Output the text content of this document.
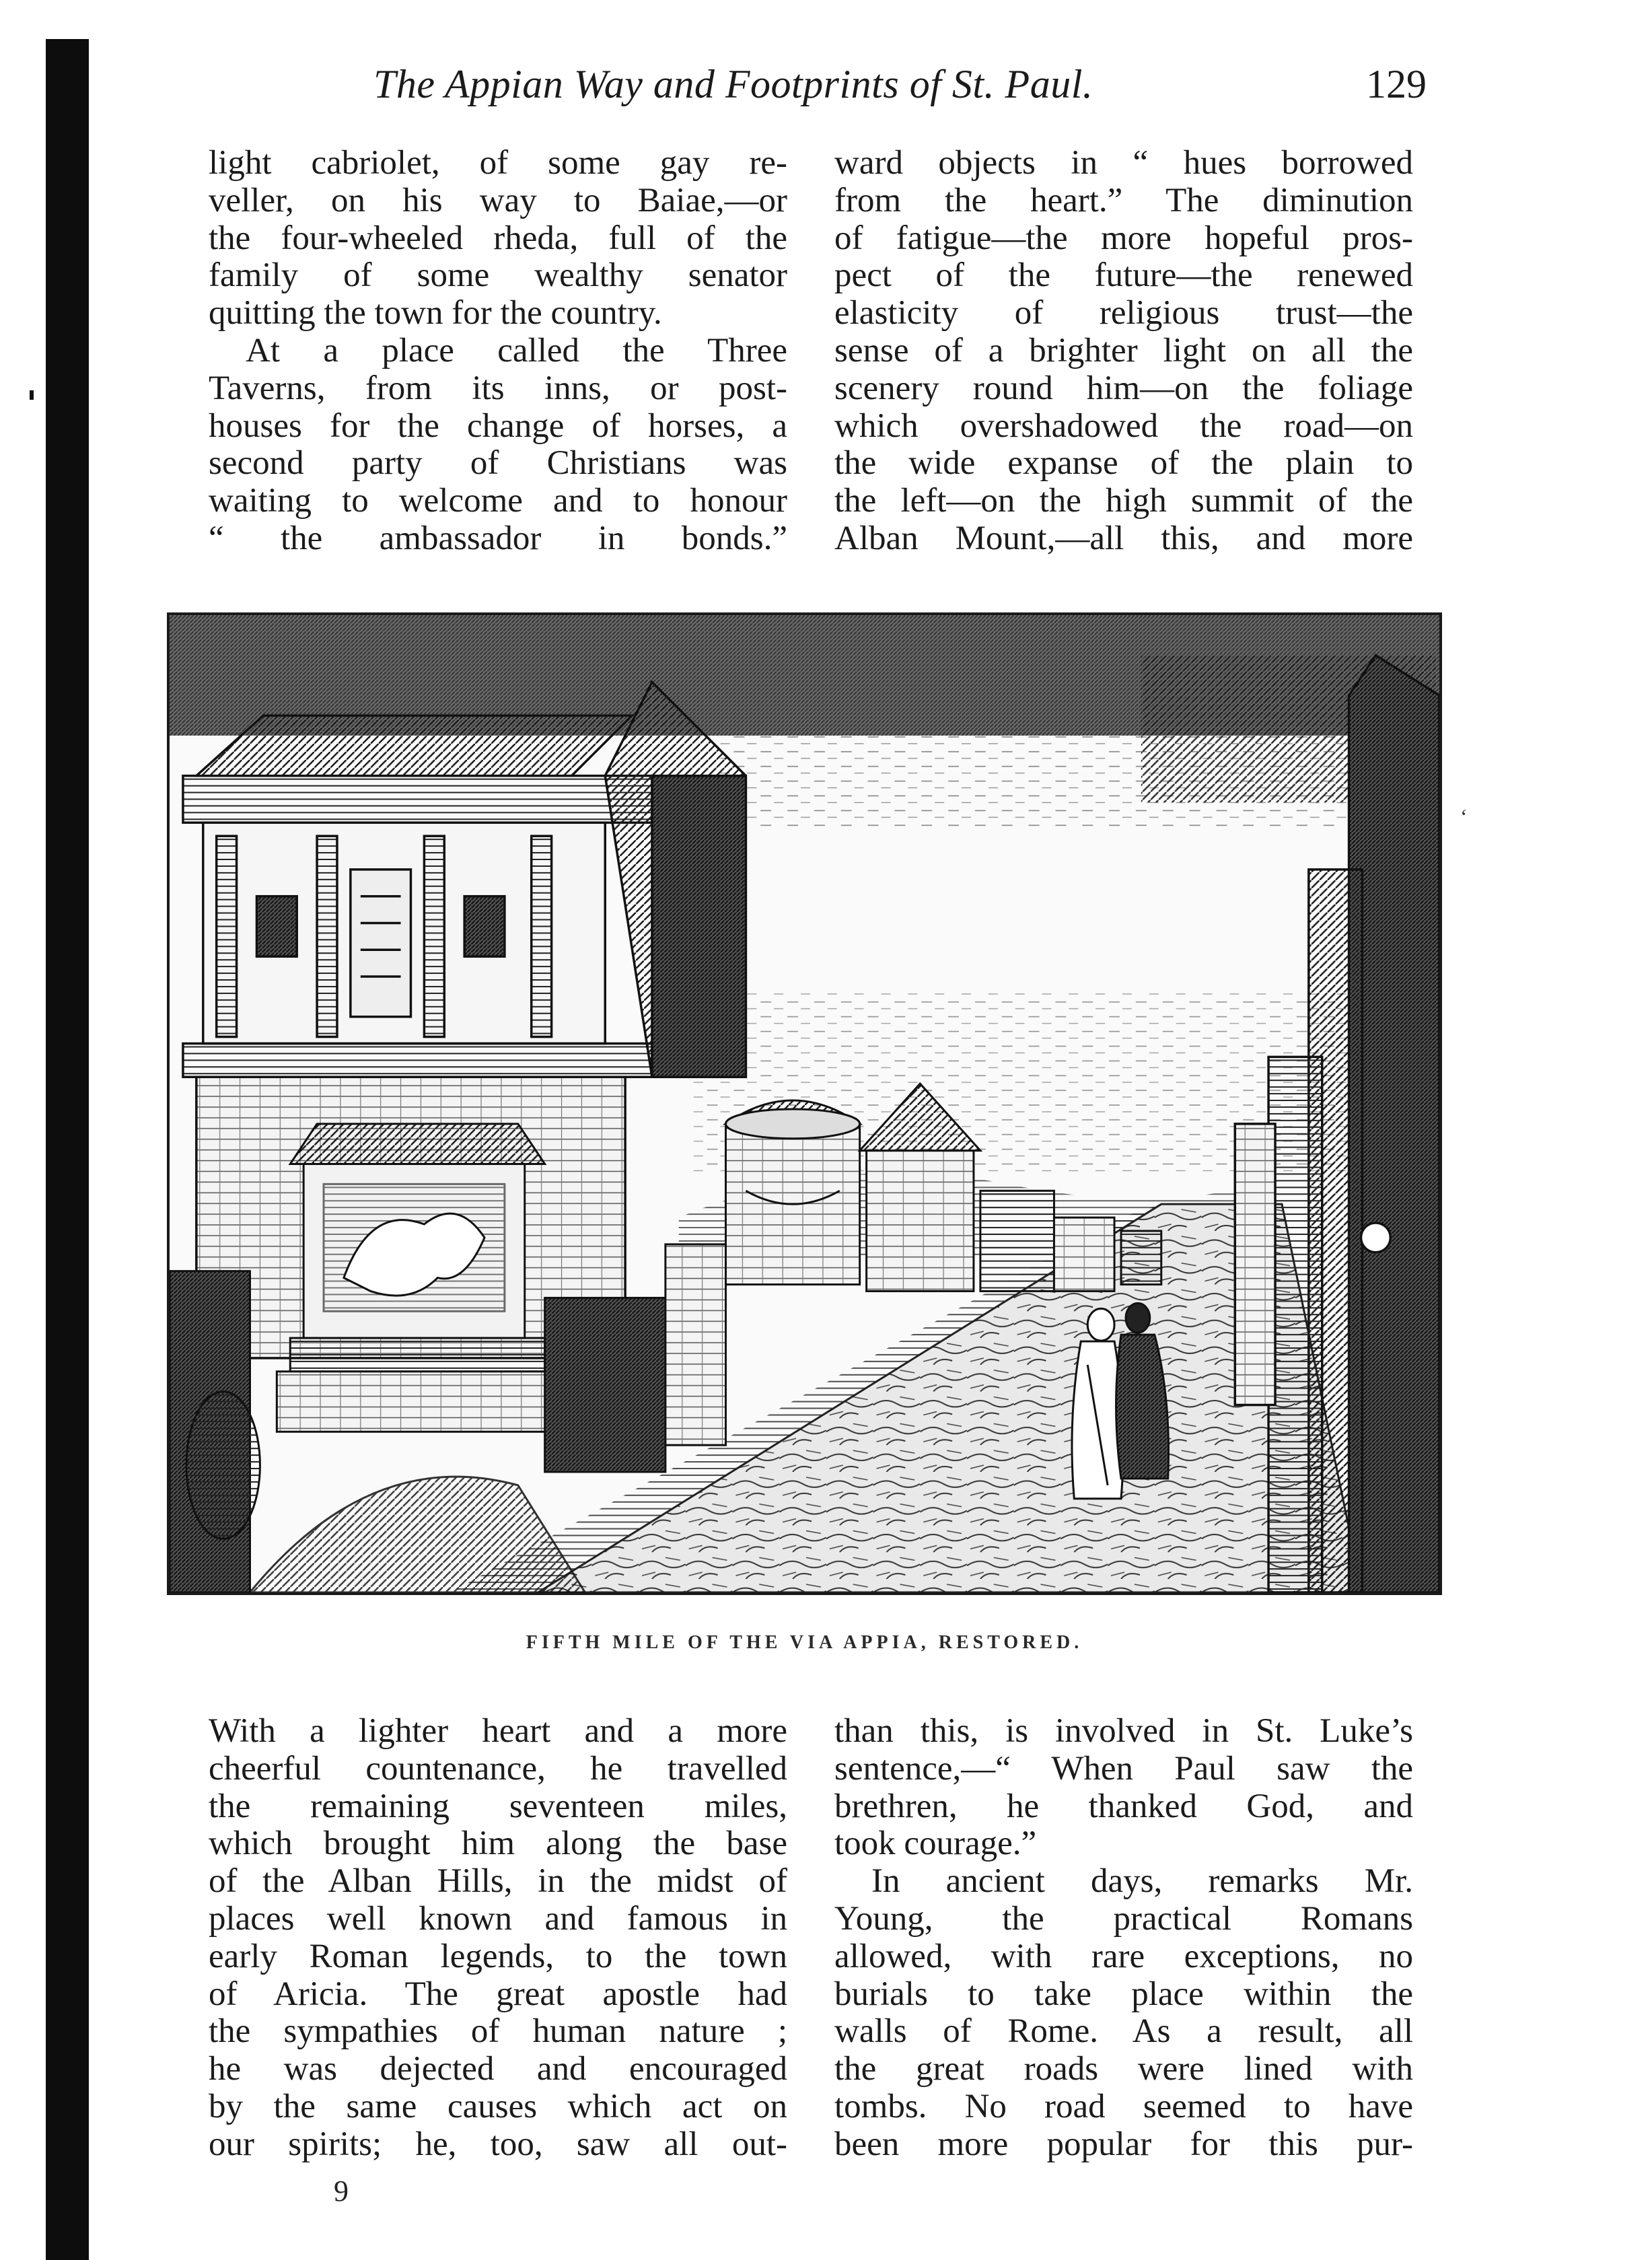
The Appian Way and Footprints of St. Paul.	129
light cabriolet, of some gay re-
veller, on his way to Baiae,—or
the four-wheeled rheda, full of the
family of some wealthy senator
quitting the town for the country.
At a place called the Three
Taverns, from its inns, or post-
houses for the change of horses, a
second party of Christians was
waiting to welcome and to honour
“ the ambassador in bonds.”
ward objects in “ hues borrowed
from the heart.” The diminution
of fatigue—the more hopeful pros-
pect of the future—the renewed
elasticity of religious trust—the
sense of a brighter light on all the
scenery round him—on the foliage
which overshadowed the road—on
the wide expanse of the plain to
the left—on the high summit of the
Alban Mount,—all this, and more
‘
FIFTH MILE OF THE VIA APPIA, RESTORED.
With a lighter heart and a more
cheerful countenance, he travelled
the remaining seventeen miles,
which brought him along the base
of the Alban Hills, in the midst of
places well known and famous in
early Roman legends, to the town
of Aricia. The great apostle had
the sympathies of human nature ;
he was dejected and encouraged
by the same causes which act on
our spirits; he, too, saw all out-
than this, is involved in St. Luke’s
sentence,—“ When Paul saw the
brethren, he thanked God, and
took courage.”
In ancient days, remarks Mr.
Young, the practical Romans
allowed, with rare exceptions, no
burials to take place within the
walls of Rome. As a result, all
the great roads were lined with
tombs. No road seemed to have
been more popular for this pur-
9
